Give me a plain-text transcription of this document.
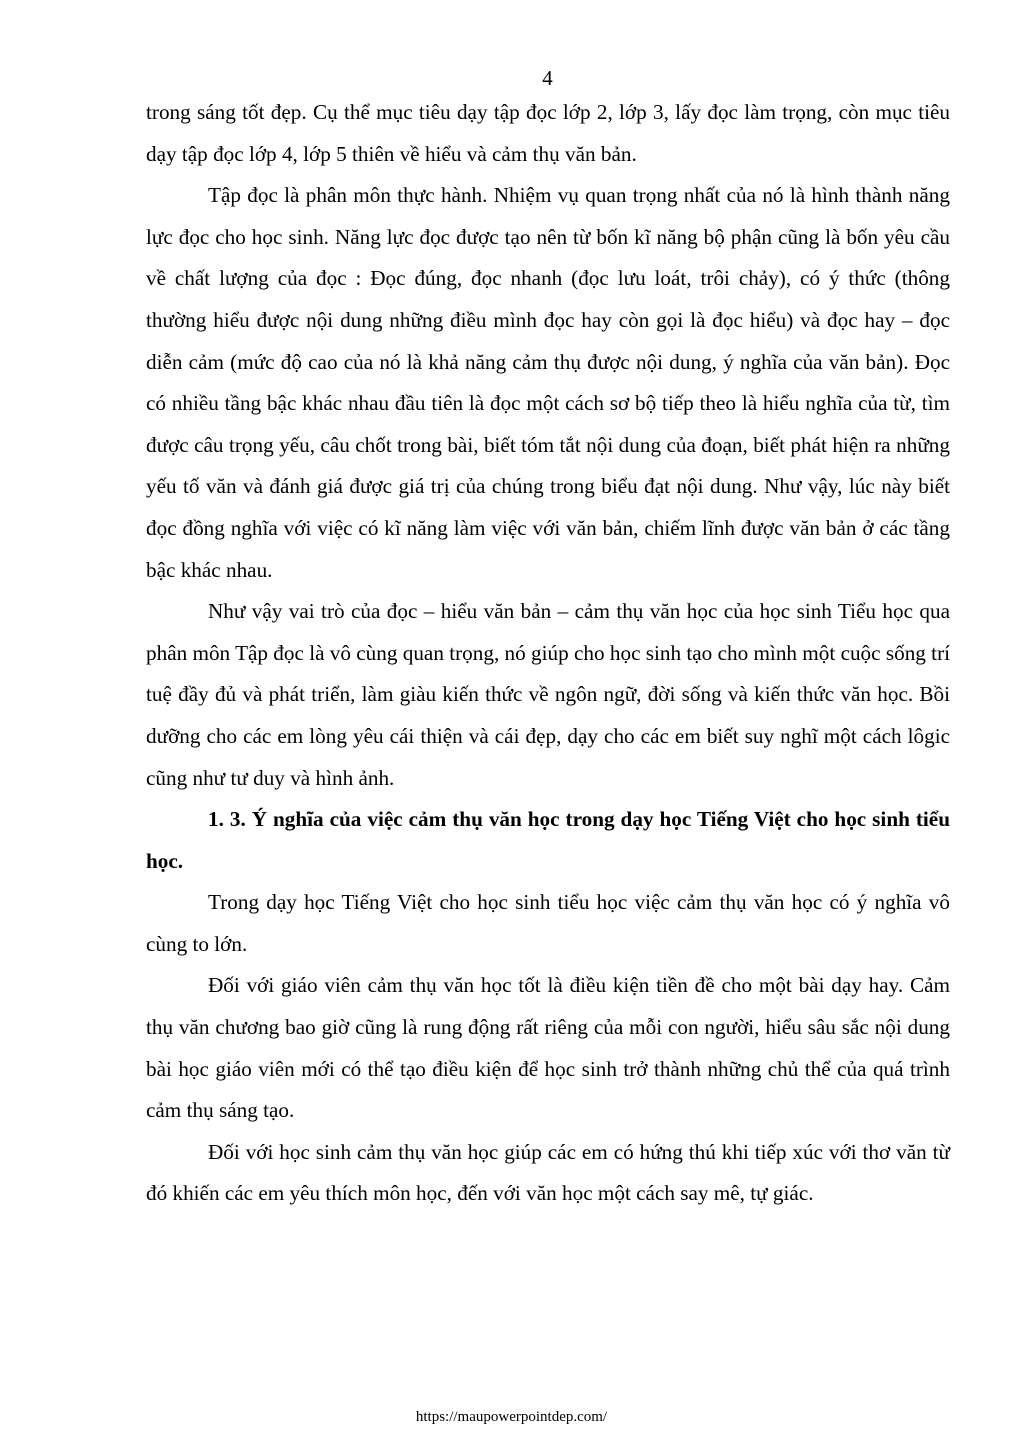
4

trong sáng tốt đẹp. Cụ thể mục tiêu dạy tập đọc lớp 2, lớp 3, lấy đọc làm trọng, còn mục tiêu dạy tập đọc lớp 4, lớp 5 thiên về hiểu và cảm thụ văn bản.

Tập đọc là phân môn thực hành. Nhiệm vụ quan trọng nhất của nó là hình thành năng lực đọc cho học sinh. Năng lực đọc được tạo nên từ bốn kĩ năng bộ phận cũng là bốn yêu cầu về chất lượng của đọc : Đọc đúng, đọc nhanh (đọc lưu loát, trôi chảy), có ý thức (thông thường hiểu được nội dung những điều mình đọc hay còn gọi là đọc hiểu) và đọc hay – đọc diễn cảm (mức độ cao của nó là khả năng cảm thụ được nội dung, ý nghĩa của văn bản). Đọc có nhiều tầng bậc khác nhau đầu tiên là đọc một cách sơ bộ tiếp theo là hiểu nghĩa của từ, tìm được câu trọng yếu, câu chốt trong bài, biết tóm tắt nội dung của đoạn, biết phát hiện ra những yếu tố văn và đánh giá được giá trị của chúng trong biểu đạt nội dung. Như vậy, lúc này biết đọc đồng nghĩa với việc có kĩ năng làm việc với văn bản, chiếm lĩnh được văn bản ở các tầng bậc khác nhau.

Như vậy vai trò của đọc – hiểu văn bản – cảm thụ văn học của học sinh Tiểu học qua phân môn Tập đọc là vô cùng quan trọng, nó giúp cho học sinh tạo cho mình một cuộc sống trí tuệ đầy đủ và phát triển, làm giàu kiến thức về ngôn ngữ, đời sống và kiến thức văn học. Bồi dưỡng cho các em lòng yêu cái thiện và cái đẹp, dạy cho các em biết suy nghĩ một cách lôgic cũng như tư duy và hình ảnh.

1. 3. Ý nghĩa của việc cảm thụ văn học trong dạy học Tiếng Việt cho học sinh tiểu học.

Trong dạy học Tiếng Việt cho học sinh tiểu học việc cảm thụ văn học có ý nghĩa vô cùng to lớn.

Đối với giáo viên cảm thụ văn học tốt là điều kiện tiền đề cho một bài dạy hay. Cảm thụ văn chương bao giờ cũng là rung động rất riêng của mỗi con người, hiểu sâu sắc nội dung bài học giáo viên mới có thể tạo điều kiện để học sinh trở thành những chủ thể của quá trình cảm thụ sáng tạo.

Đối với học sinh cảm thụ văn học giúp các em có hứng thú khi tiếp xúc với thơ văn từ đó khiến các em yêu thích môn học, đến với văn học một cách say mê, tự giác.

https://maupowerpointdep.com/
